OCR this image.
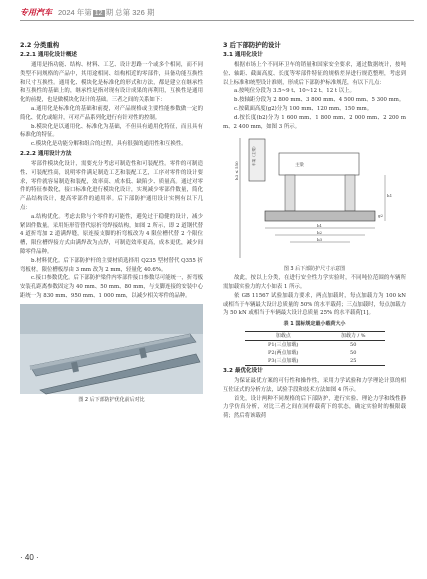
专用汽车 2024 年第 12 期 总第 326 期
2.2 分类重构
2.2.1 通用化设计概述

通用是指功能、结构、材料、工艺、设计思路一个或多个相同，而不同类型不同规格的产品中，其用途相同、结构相近的零部件，具备功能互换性和尺寸互换性。通用化、模块化是标准化的形式和方法，都是建立在继承性和互换性的基础上的，继承性是指对现有设计成果的再利用，互换性是通用化的前提，也是做模块化设计的基础。三者之间的关系如下：

a.通用化是标准化的基础和前提，对产品规格或主要性能参数做一定的简化、优化或缩并，可对产品系列化进行有针对性的控制。

b.模块化是以通用化、标准化为基础，不但具有通用化特征，而且具有标准化的特征。

c.模块化是功能分解和组合的过程，具有很强的通用性和互换性。

2.2.2 通用设计方法

零部件模块化设计，需要充分考虑可制造性和可装配性。零件的可制造性、可装配性高，说明零件满足制造工艺和装配工艺，工序对零件的设计要求，零件就容易制造和装配，效率高、成本低、缺陷少、质量高。通过对零件的特征参数化，接口标准化进行模块化设计，实现减少零部件数量，简化产品结构设计，提高零部件的通用率。后下部防护通用设计实例有以下几点：

a.结构优化。考虑去除与个零件的可能性，避免过于稳健的设计，减少紧固件数量。采用矩形管替代原折弯焊接结构，如图 2 所示，即 2 道钢代替 4 道折弯加 2 道满焊缝，原连接支脚的折弯板改为 4 限位槽代替 2 个限位槽，限位槽焊接方式由满焊改为点焊，可制造效率更高，成本更优，减少间隙零件品种。

b.材料优化。后下部防护杆的主要材质选择用 Q235 型材替代 Q355 折弯板材，限位槽板厚由 3 mm 改为 2 mm，轻量化 40.6%。

c.接口参数优化。后下部防护梁件内零部件接口参数尽可能统一，折弯板安装孔距离参数固定为 40 mm、50 mm、80 mm，与支脚连接的安装中心距统一为 830 mm、950 mm、1 000 mm，以减少相关零件的品种。

图 2 后下部防护优化前后对比
3 后下部防护的设计
3.1 通用化设计

根据市场上个不同环卫车的销量和国家安全要求，通过数据统计，按吨位、轴距、截面高度、长度等零部件特征的规格差异进行规范整理，考虑到以上标准和统型设计准则，形成后下部防护标准规范，有以下几点：

a.按吨位分段为 3.5~9 t、10~12 t、12 t 以上。

b.按轴距分段为 2 800 mm、3 800 mm、4 500 mm、5 300 mm。

c.按截面高度(g2)分为 100 mm、120 mm、150 mm。

d.按长度(b2)分为 1 600 mm、1 800 mm、2 000 mm、2 200 mm、2 400 mm，如图 3 所示。

h3 ≤ 550
车架（主梁）	主梁
b1
b2
b3
g2
h1
图 3 后下部防护尺寸示意图

故此，按以上分类，在进行安全性力学实验时，不同吨位范围的车辆所需加载实验力的大小如表 1 所示。

依 GB 11567 试验加载力要求，两点加载时，每点加载力为 100 kN 或相当于车辆最大设计总质量的 50% 的水平载荷；三点加载时，每点加载力为 50 kN 或相当于车辆最大设计总质量 25% 的水平载荷[1]。

表 1 国标规定最小载荷大小
加载点	加载力 / %
P1(三点加载)	50
P2(两点加载)	50
P3(三点加载)	25
3.2 最优化设计

为保证最优方案的可行性和操作性，采用力学试验和力学理论计算的相互佐证式的分析方法，试验手段和技术方法如图 4 所示。

首先，设计两种不同规格的后下部防护，进行实验、理论力学和线性静力学仿真分析，对比三者之间在同样载荷下的状态，确定实验时的极限载荷；然后将该载荷

· 40 ·
